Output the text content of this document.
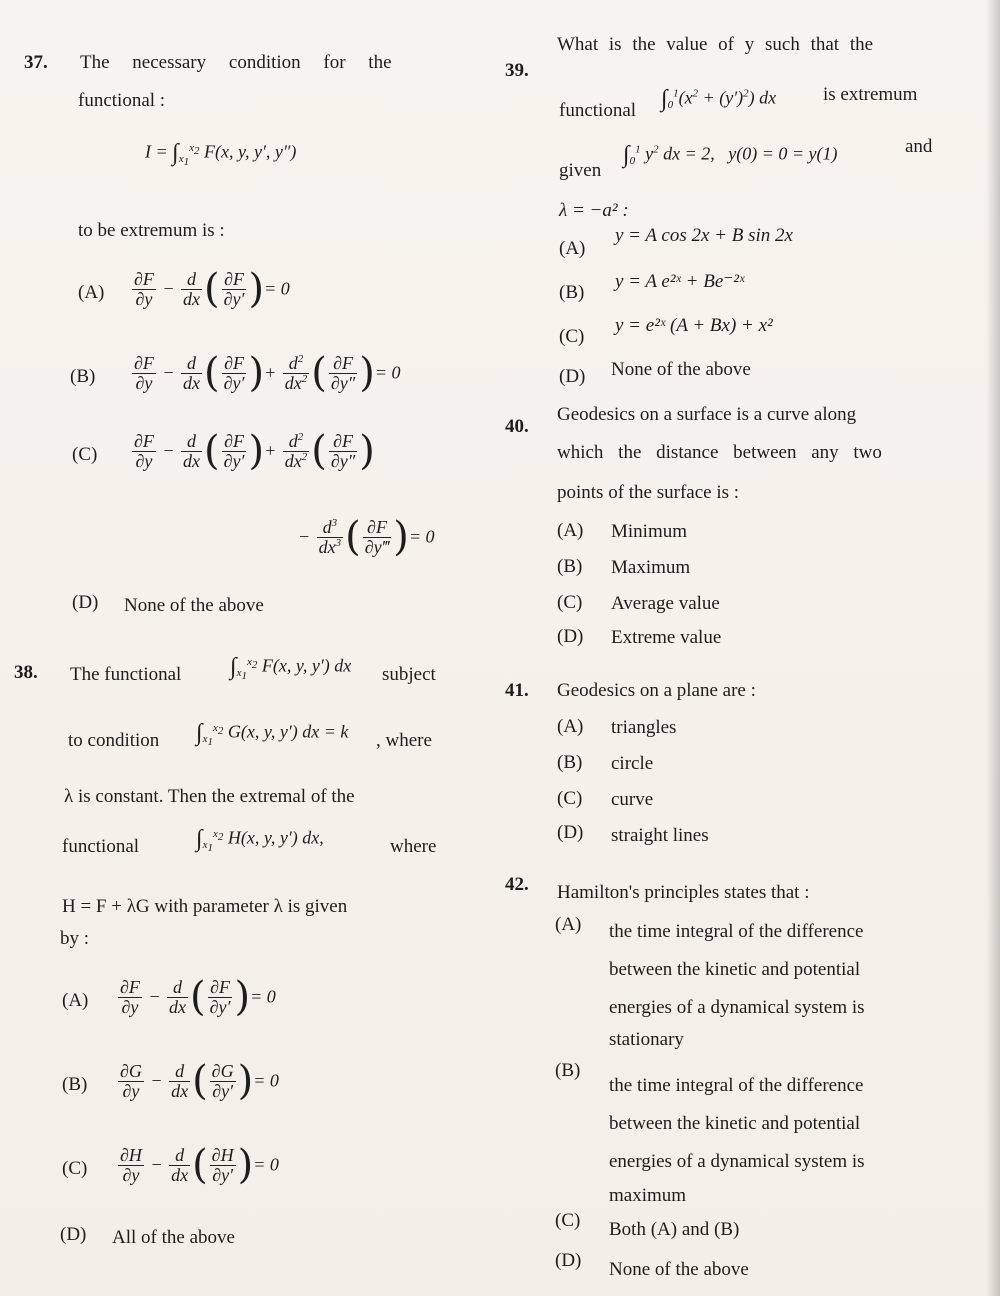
37. The necessary condition for the
functional :
$I = \int_{x_1}^{x_2}$ F(x, y, y′, y″)
to be extremum is :
$(A) \frac{\partial F}{\partial y} - \frac{d}{dx}$ ( $\frac{\partial F}{\partial y'}$ )= 0
$(B) \frac{\partial F}{\partial y} - \frac{d}{dx}$ ( $\frac{\partial F}{\partial y'}$ )+ $\frac{d^2}{dx^2}$ ( $\frac{\partial F}{\partial y''}$ )= 0
$(C) \frac{\partial F}{\partial y} - \frac{d}{dx}$ ( $\frac{\partial F}{\partial y'}$ )+ $\frac{d^2}{dx^2}$ ( $\frac{\partial F}{\partial y''}$ )
− $\frac{d^3}{dx^3}$ ( $\frac{\partial F}{\partial y‴}$ )= 0
(D) None of the above
38. The functional $\int_{x_1}^{x_2}$ F(x, y, y′) dx subject
to condition $\int_{x_1}^{x_2}$ G(x, y, y′) dx = k , where
λ is constant. Then the extremal of the
functional $\int_{x_1}^{x_2}$ H(x, y, y′) dx,	where
H = F + λG with parameter λ is given
by :
$(A) \frac{\partial F}{\partial y} - \frac{d}{dx}$ ( $\frac{\partial F}{\partial y'}$ )= 0
$(B) \frac{\partial G}{\partial y} - \frac{d}{dx}$ ( $\frac{\partial G}{\partial y'}$ )= 0
$(C) \frac{\partial H}{\partial y} - \frac{d}{dx}$ ( $\frac{\partial H}{\partial y'}$ )= 0
(D) All of the above
39.
What is the value of y such that the
functional $\int_0^1(x^2 + (y')^2)$ dx is extremum
given
$\int_0^1$ $y^2$ dx = 2,   y(0) = 0 = y(1)	and
λ = −a² :
(A)
y = A cos 2x + B sin 2x
(B)
y = A e²ˣ + Be⁻²ˣ
(C)
y = e²ˣ (A + Bx) + x²
(D) None of the above
40.
Geodesics on a surface is a curve along
which the distance between any two
points of the surface is :
(A) Minimum
(B) Maximum
(C) Average value
(D) Extreme value
41. Geodesics on a plane are :
(A) triangles
(B) circle
(C) curve
(D) straight lines
42. Hamilton's principles states that :
(A) the time integral of the difference
between the kinetic and potential
energies of a dynamical system is
stationary
(B)
the time integral of the difference
between the kinetic and potential
energies of a dynamical system is
maximum
(C) Both (A) and (B)
(D) None of the above
